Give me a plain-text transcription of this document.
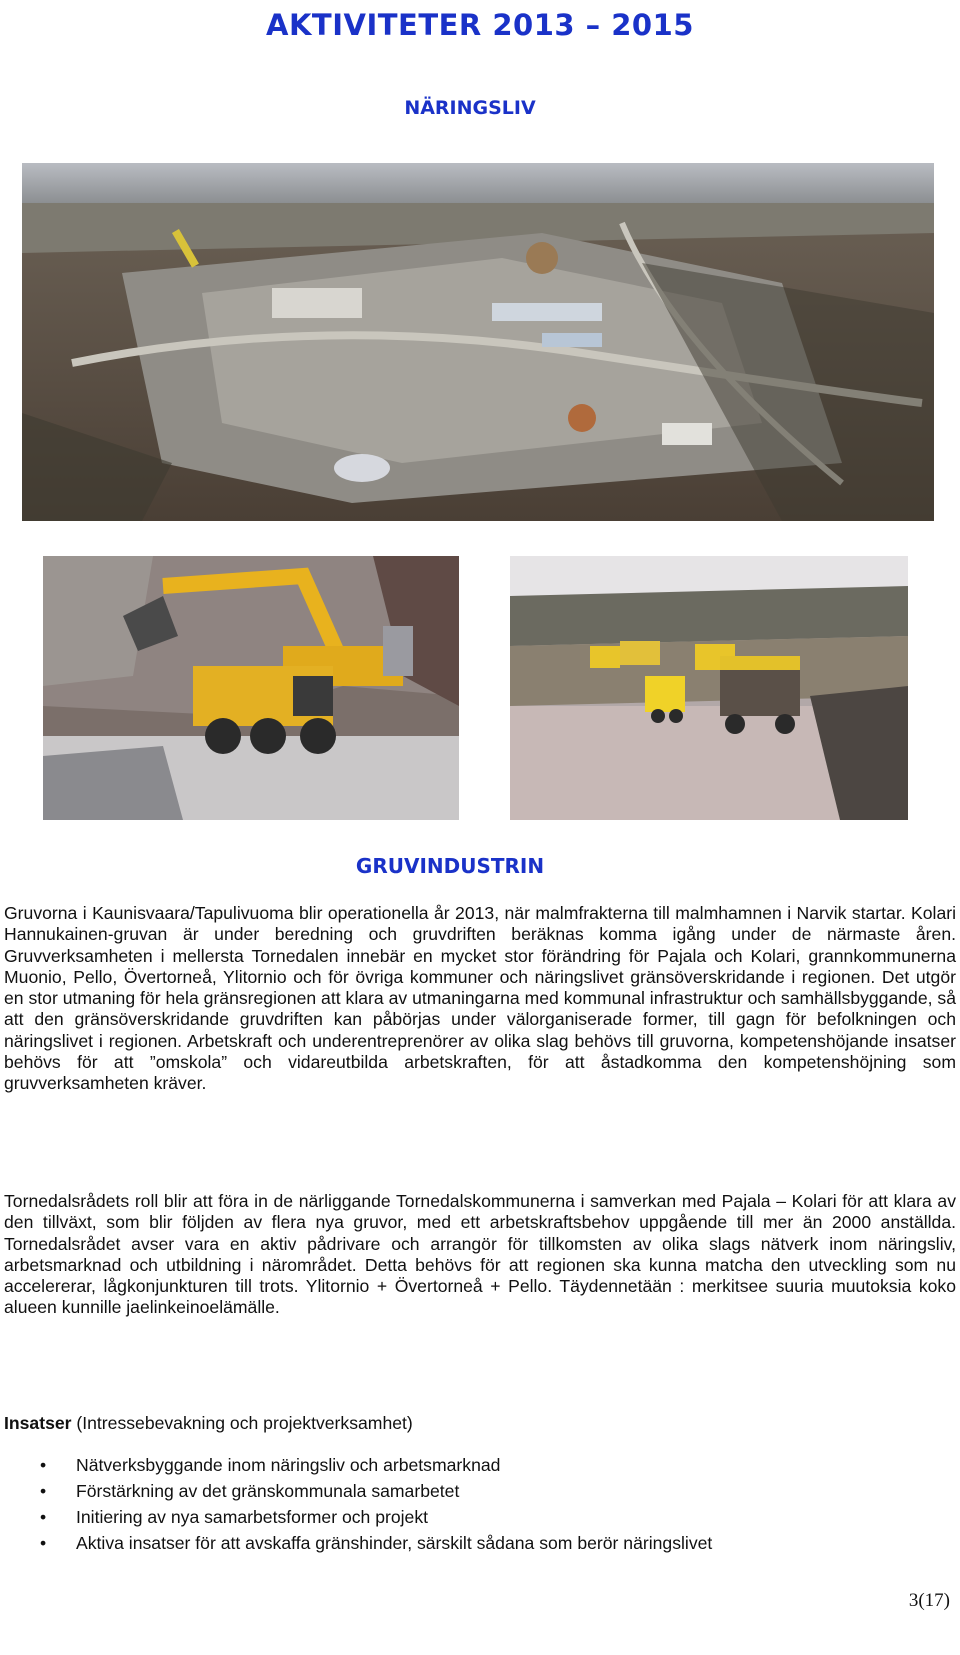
AKTIVITETER 2013 – 2015
NÄRINGSLIV
GRUVINDUSTRIN

Gruvorna i Kaunisvaara/Tapulivuoma blir operationella år 2013, när malmfrakterna till malmhamnen i Narvik startar. Kolari Hannukainen-gruvan är under beredning och gruvdriften beräknas komma igång under de närmaste åren. Gruvverksamheten i mellersta Tornedalen innebär en mycket stor förändring för Pajala och Kolari, grannkommunerna Muonio, Pello, Övertorneå, Ylitornio och för övriga kommuner och näringslivet gränsöverskridande i regionen. Det utgör en stor utmaning för hela gränsregionen att klara av utmaningarna med kommunal infrastruktur och samhällsbyggande, så att den gränsöverskridande gruvdriften kan påbörjas under välorganiserade former, till gagn för befolkningen och näringslivet i regionen. Arbetskraft och underentreprenörer av olika slag behövs till gruvorna, kompetenshöjande insatser behövs för att ”omskola” och vidareutbilda arbetskraften, för att åstadkomma den kompetenshöjning som gruvverksamheten kräver.

Tornedalsrådets roll blir att föra in de närliggande Tornedalskommunerna i samverkan med Pajala – Kolari för att klara av den tillväxt, som blir följden av flera nya gruvor, med ett arbetskraftsbehov uppgående till mer än 2000 anställda. Tornedalsrådet avser vara en aktiv pådrivare och arrangör för tillkomsten av olika slags nätverk inom näringsliv, arbetsmarknad och utbildning i närområdet. Detta behövs för att regionen ska kunna matcha den utveckling som nu accelererar, lågkonjunkturen till trots. Ylitornio + Övertorneå + Pello. Täydennetään : merkitsee suuria muutoksia koko alueen kunnille jaelinkeinoelämälle.

Insatser (Intressebevakning och projektverksamhet)
• Nätverksbyggande inom näringsliv och arbetsmarknad
• Förstärkning av det gränskommunala samarbetet
• Initiering av nya samarbetsformer och projekt
• Aktiva insatser för att avskaffa gränshinder, särskilt sådana som berör näringslivet
3(17)
